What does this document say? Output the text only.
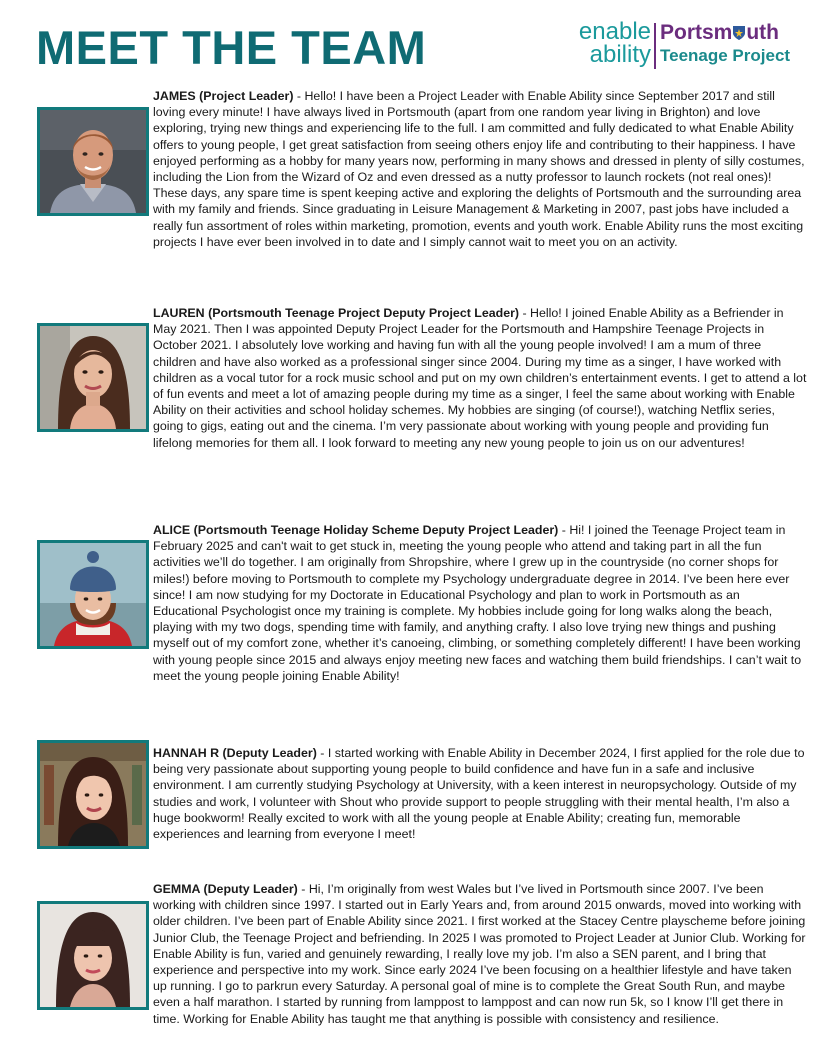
MEET THE TEAM	enable
ability
Portsm uth
Teenage Project

JAMES (Project Leader) - Hello! I have been a Project Leader with Enable Ability since September 2017 and still loving every minute! I have always lived in Portsmouth (apart from one random year living in Brighton) and love exploring, trying new things and experiencing life to the full. I am committed and fully dedicated to what Enable Ability offers to young people, I get great satisfaction from seeing others enjoy life and contributing to their happiness. I have enjoyed performing as a hobby for many years now, performing in many shows and dressed in plenty of silly costumes, including the Lion from the Wizard of Oz and even dressed as a nutty professor to launch rockets (not real ones)! These days, any spare time is spent keeping active and exploring the delights of Portsmouth and the surrounding area with my family and friends. Since graduating in Leisure Management & Marketing in 2007, past jobs have included a really fun assortment of roles within marketing, promotion, events and youth work. Enable Ability runs the most exciting projects I have ever been involved in to date and I simply cannot wait to meet you on an activity.

LAUREN (Portsmouth Teenage Project Deputy Project Leader) - Hello! I joined Enable Ability as a Befriender in May 2021. Then I was appointed Deputy Project Leader for the Portsmouth and Hampshire Teenage Projects in October 2021. I absolutely love working and having fun with all the young people involved! I am a mum of three children and have also worked as a professional singer since 2004. During my time as a singer, I have worked with children as a vocal tutor for a rock music school and put on my own children’s entertainment events. I get to attend a lot of fun events and meet a lot of amazing people during my time as a singer, I feel the same about working with Enable Ability on their activities and school holiday schemes. My hobbies are singing (of course!), watching Netflix series, going to gigs, eating out and the cinema. I’m very passionate about working with young people and providing fun lifelong memories for them all. I look forward to meeting any new young people to join us on our adventures!

ALICE (Portsmouth Teenage Holiday Scheme Deputy Project Leader) - Hi! I joined the Teenage Project team in February 2025 and can't wait to get stuck in, meeting the young people who attend and taking part in all the fun activities we’ll do together. I am originally from Shropshire, where I grew up in the countryside (no corner shops for miles!) before moving to Portsmouth to complete my Psychology undergraduate degree in 2014. I’ve been here ever since! I am now studying for my Doctorate in Educational Psychology and plan to work in Portsmouth as an Educational Psychologist once my training is complete. My hobbies include going for long walks along the beach, playing with my two dogs, spending time with family, and anything crafty. I also love trying new things and pushing myself out of my comfort zone, whether it’s canoeing, climbing, or something completely different! I have been working with young people since 2015 and always enjoy meeting new faces and watching them build friendships. I can’t wait to meet the young people joining Enable Ability!

HANNAH R (Deputy Leader) - I started working with Enable Ability in December 2024, I first applied for the role due to being very passionate about supporting young people to build confidence and have fun in a safe and inclusive environment. I am currently studying Psychology at University, with a keen interest in neuropsychology. Outside of my studies and work, I volunteer with Shout who provide support to people struggling with their mental health, I’m also a huge bookworm! Really excited to work with all the young people at Enable Ability; creating fun, memorable experiences and learning from everyone I meet!

GEMMA (Deputy Leader) - Hi, I’m originally from west Wales but I’ve lived in Portsmouth since 2007. I’ve been working with children since 1997. I started out in Early Years and, from around 2015 onwards, moved into working with older children. I’ve been part of Enable Ability since 2021. I first worked at the Stacey Centre playscheme before joining Junior Club, the Teenage Project and befriending. In 2025 I was promoted to Project Leader at Junior Club. Working for Enable Ability is fun, varied and genuinely rewarding, I really love my job. I’m also a SEN parent, and I bring that experience and perspective into my work. Since early 2024 I’ve been focusing on a healthier lifestyle and have taken up running. I go to parkrun every Saturday. A personal goal of mine is to complete the Great South Run, and maybe even a half marathon. I started by running from lamppost to lamppost and can now run 5k, so I know I’ll get there in time. Working for Enable Ability has taught me that anything is possible with consistency and resilience.
